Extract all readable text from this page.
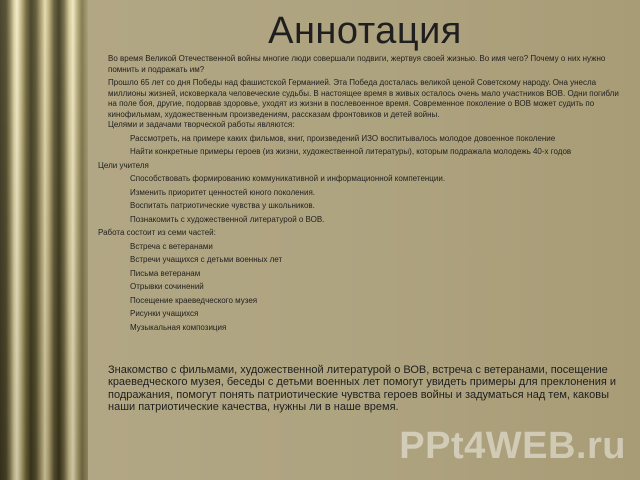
Аннотация
Во время Великой Отечественной войны многие люди совершали подвиги, жертвуя своей жизнью. Во имя чего? Почему о них нужно помнить и подражать им?
Прошло 65 лет со дня Победы над фашистской Германией. Эта Победа досталась великой ценой Советскому народу. Она унесла миллионы жизней, исковеркала человеческие судьбы. В настоящее время в живых осталось очень мало участников ВОВ. Одни погибли на поле боя, другие, подорвав здоровье, уходят из жизни в послевоенное время. Современное поколение о ВОВ может судить по кинофильмам, художественным произведениям, рассказам фронтовиков и детей войны.
Целями и задачами творческой работы являются:
Рассмотреть, на примере каких фильмов, книг, произведений ИЗО воспитывалось молодое довоенное поколение
Найти конкретные примеры героев (из жизни, художественной литературы), которым подражала молодежь 40-х годов
Цели учителя
Способствовать формированию коммуникативной и информационной компетенции.
Изменить приоритет ценностей юного поколения.
Воспитать патриотические чувства у школьников.
Познакомить с художественной литературой о ВОВ.
Работа состоит из семи частей:
Встреча с ветеранами
Встречи учащихся с детьми военных лет
Письма ветеранам
Отрывки сочинений
Посещение краеведческого музея
Рисунки учащихся
Музыкальная композиция
Знакомство с фильмами, художественной литературой о ВОВ, встреча с ветеранами, посещение краеведческого музея, беседы с детьми военных лет помогут увидеть примеры для преклонения и подражания, помогут понять патриотические чувства героев войны и задуматься над тем, каковы наши патриотические качества, нужны ли в наше время.
PPt4WEB.ru
